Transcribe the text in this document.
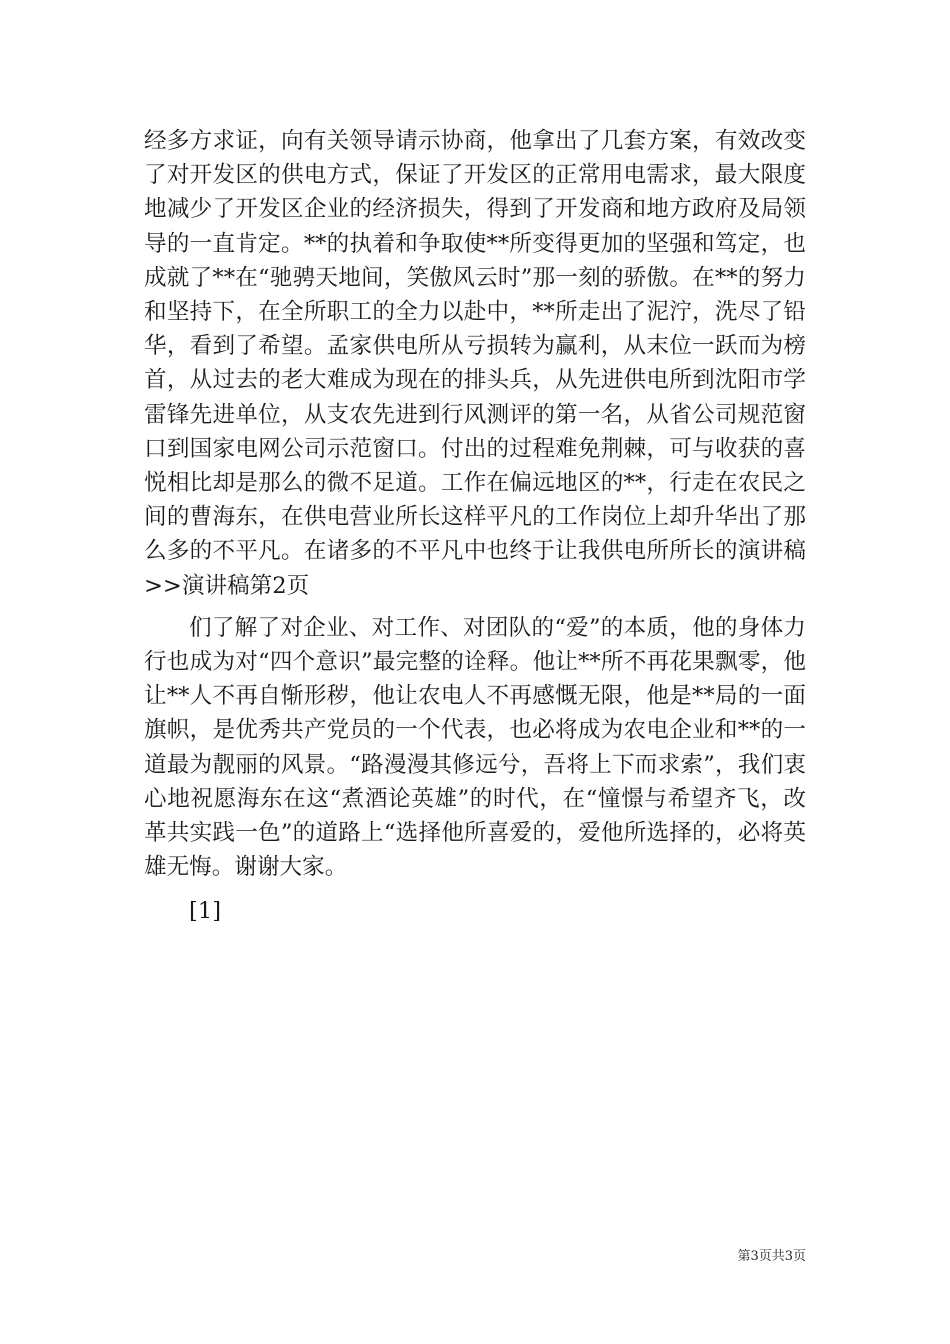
经多方求证，向有关领导请示协商，他拿出了几套方案，有效改变了对开发区的供电方式，保证了开发区的正常用电需求，最大限度地减少了开发区企业的经济损失，得到了开发商和地方政府及局领导的一直肯定。**的执着和争取使**所变得更加的坚强和笃定，也成就了**在“驰骋天地间，笑傲风云时”那一刻的骄傲。在**的努力和坚持下，在全所职工的全力以赴中，**所走出了泥泞，洗尽了铅华，看到了希望。孟家供电所从亏损转为赢利，从末位一跃而为榜首，从过去的老大难成为现在的排头兵，从先进供电所到沈阳市学雷锋先进单位，从支农先进到行风测评的第一名，从省公司规范窗口到国家电网公司示范窗口。付出的过程难免荆棘，可与收获的喜悦相比却是那么的微不足道。工作在偏远地区的**，行走在农民之间的曹海东，在供电营业所长这样平凡的工作岗位上却升华出了那么多的不平凡。在诸多的不平凡中也终于让我供电所所长的演讲稿>>演讲稿第2页

们了解了对企业、对工作、对团队的“爱”的本质，他的身体力行也成为对“四个意识”最完整的诠释。他让**所不再花果飘零，他让**人不再自惭形秽，他让农电人不再感慨无限，他是**局的一面旗帜，是优秀共产党员的一个代表，也必将成为农电企业和**的一道最为靓丽的风景。“路漫漫其修远兮，吾将上下而求索”，我们衷心地祝愿海东在这“煮酒论英雄”的时代，在“憧憬与希望齐飞，改革共实践一色”的道路上“选择他所喜爱的，爱他所选择的，必将英雄无悔。谢谢大家。

[1]

第3页共3页
